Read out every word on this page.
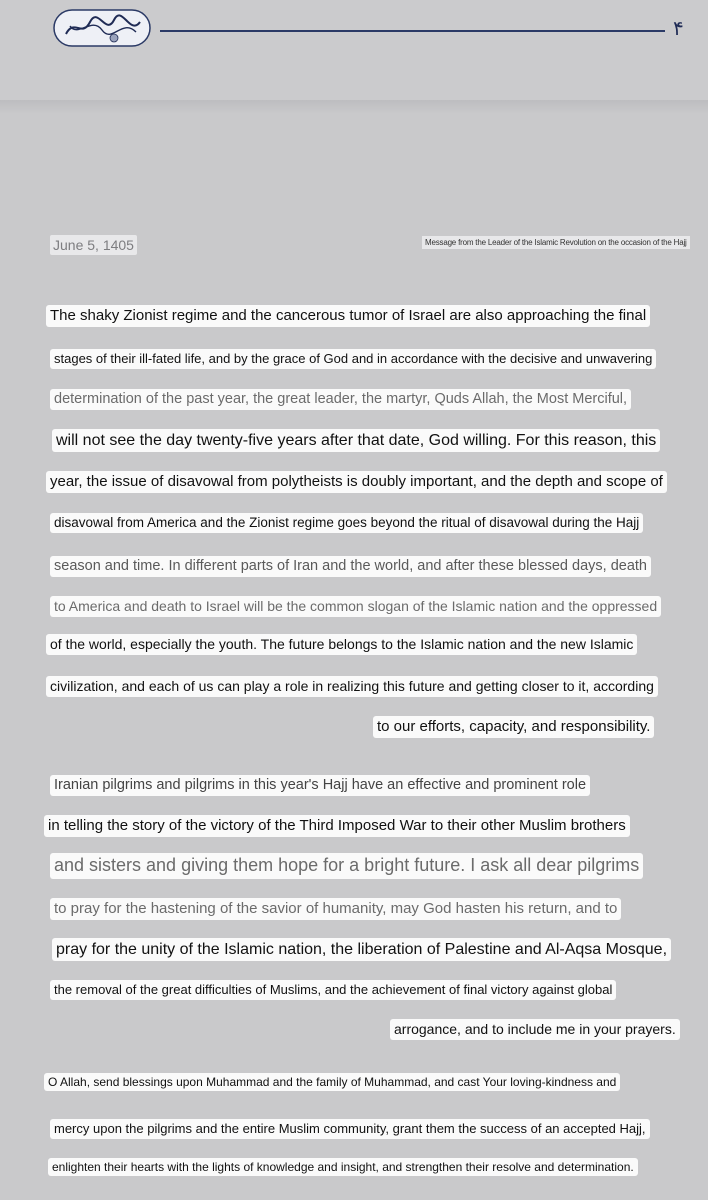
۴
June 5, 1405	Message from the Leader of the Islamic Revolution on the occasion of the Hajj
The shaky Zionist regime and the cancerous tumor of Israel are also approaching the final
stages of their ill-fated life, and by the grace of God and in accordance with the decisive and unwavering
determination of the past year, the great leader, the martyr, Quds Allah, the Most Merciful,
will not see the day twenty-five years after that date, God willing. For this reason, this
year, the issue of disavowal from polytheists is doubly important, and the depth and scope of
disavowal from America and the Zionist regime goes beyond the ritual of disavowal during the Hajj
season and time. In different parts of Iran and the world, and after these blessed days, death
to America and death to Israel will be the common slogan of the Islamic nation and the oppressed
of the world, especially the youth. The future belongs to the Islamic nation and the new Islamic
civilization, and each of us can play a role in realizing this future and getting closer to it, according
to our efforts, capacity, and responsibility.
Iranian pilgrims and pilgrims in this year's Hajj have an effective and prominent role
in telling the story of the victory of the Third Imposed War to their other Muslim brothers
and sisters and giving them hope for a bright future. I ask all dear pilgrims
to pray for the hastening of the savior of humanity, may God hasten his return, and to
pray for the unity of the Islamic nation, the liberation of Palestine and Al-Aqsa Mosque,
the removal of the great difficulties of Muslims, and the achievement of final victory against global
arrogance, and to include me in your prayers.
O Allah, send blessings upon Muhammad and the family of Muhammad, and cast Your loving-kindness and
mercy upon the pilgrims and the entire Muslim community, grant them the success of an accepted Hajj,
enlighten their hearts with the lights of knowledge and insight, and strengthen their resolve and determination.
